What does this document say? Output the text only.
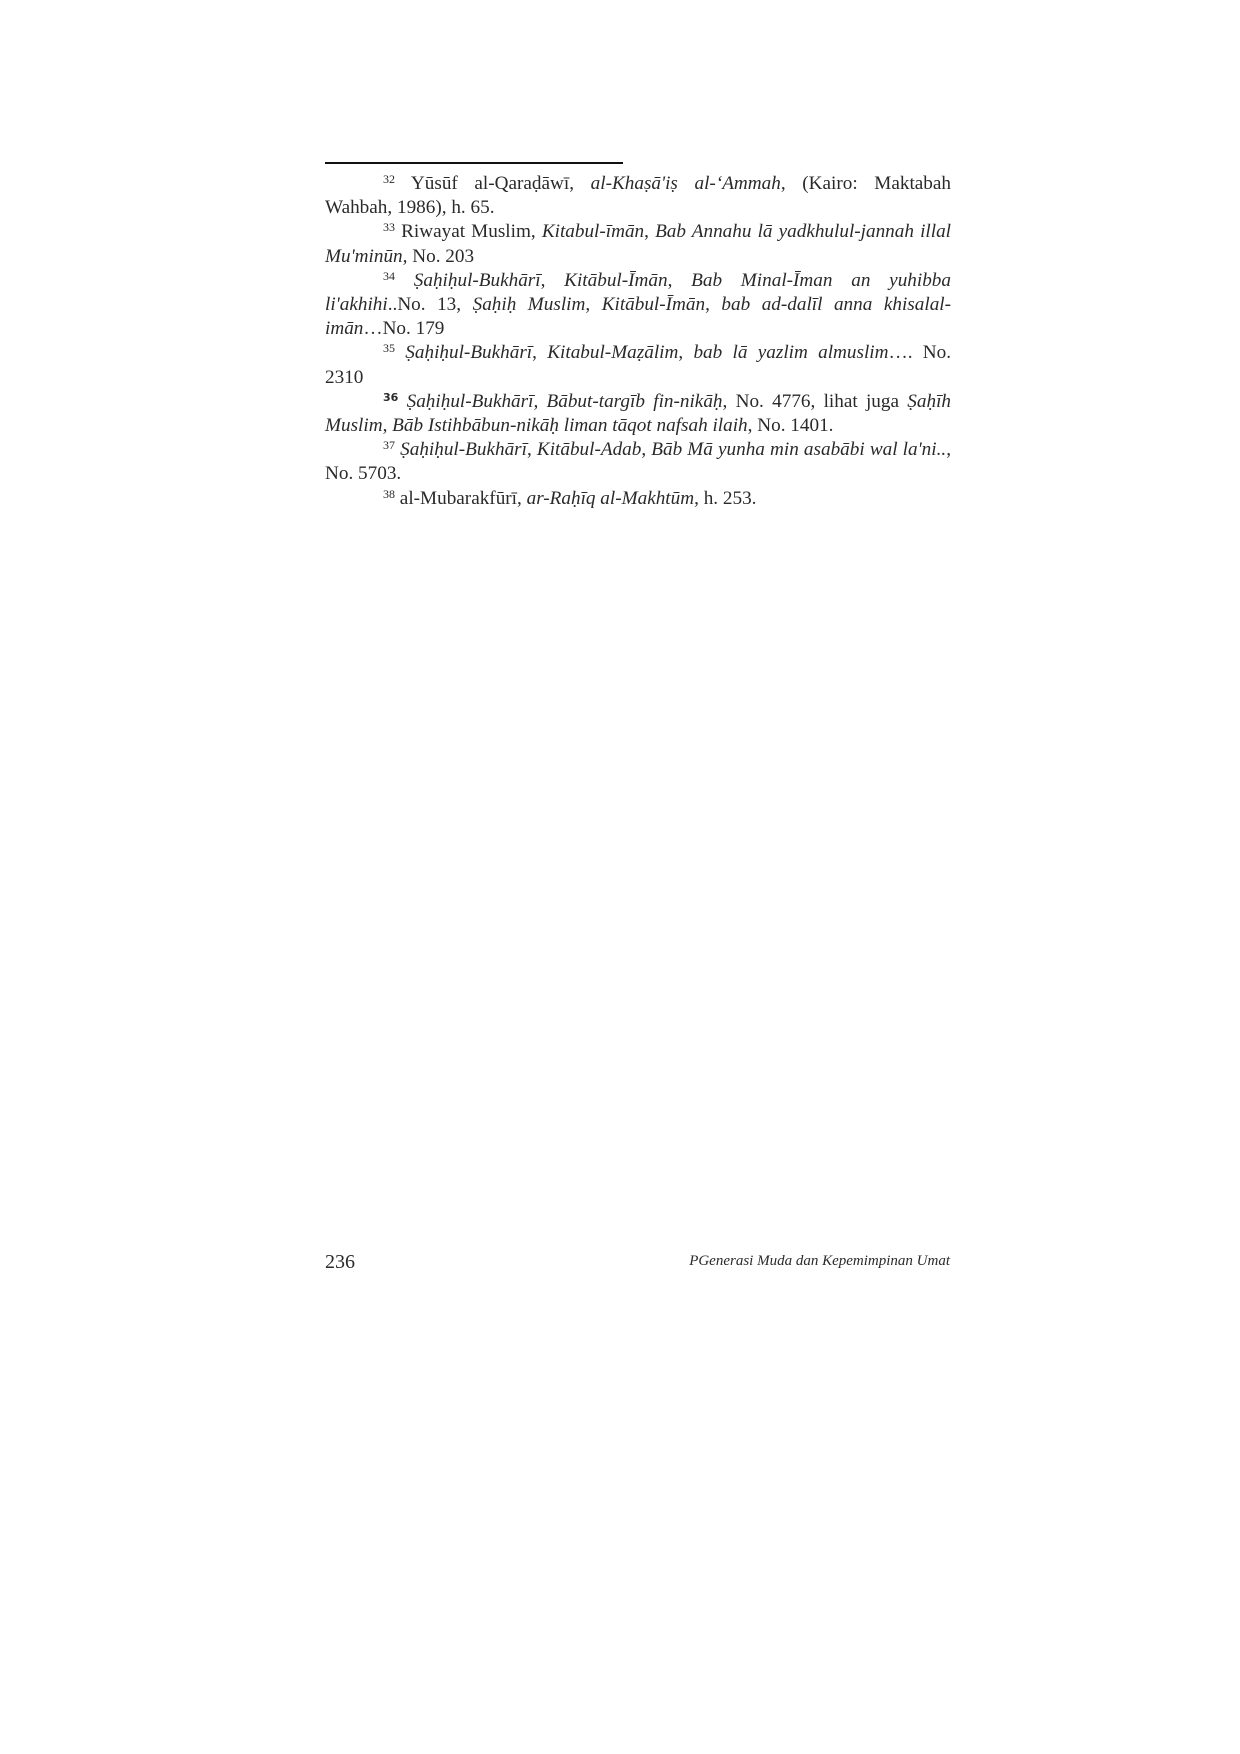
$^{32}$ Yūsūf al-Qaraḍāwī, al-Khaṣā'iṣ al-‘Ammah, (Kairo: Maktabah Wahbah, 1986), h. 65.

$^{33}$ Riwayat Muslim, Kitabul-īmān, Bab Annahu lā yadkhulul-jannah illal Mu'minūn, No. 203

$^{34}$ Ṣaḥiḥul-Bukhārī, Kitābul-Īmān, Bab Minal-Īman an yuhibba li'akhihi..No. 13, Ṣaḥiḥ Muslim, Kitābul-Īmān, bab ad-dalīl anna khisalal- imān…No. 179

$^{35}$ Ṣaḥiḥul-Bukhārī, Kitabul-Maẓālim, bab lā yazlim almuslim…. No. 2310

$^{36}$ Ṣaḥiḥul-Bukhārī, Bābut-targīb fin-nikāḥ, No. 4776, lihat juga Ṣaḥīh Muslim, Bāb Istihbābun-nikāḥ liman tāqot nafsah ilaih, No. 1401.

$^{37}$ Ṣaḥiḥul-Bukhārī, Kitābul-Adab, Bāb Mā yunha min asabābi wal la'ni.., No. 5703.

$^{38}$ al-Mubarakfūrī, ar-Raḥīq al-Makhtūm, h. 253.

236	PGenerasi Muda dan Kepemimpinan Umat
